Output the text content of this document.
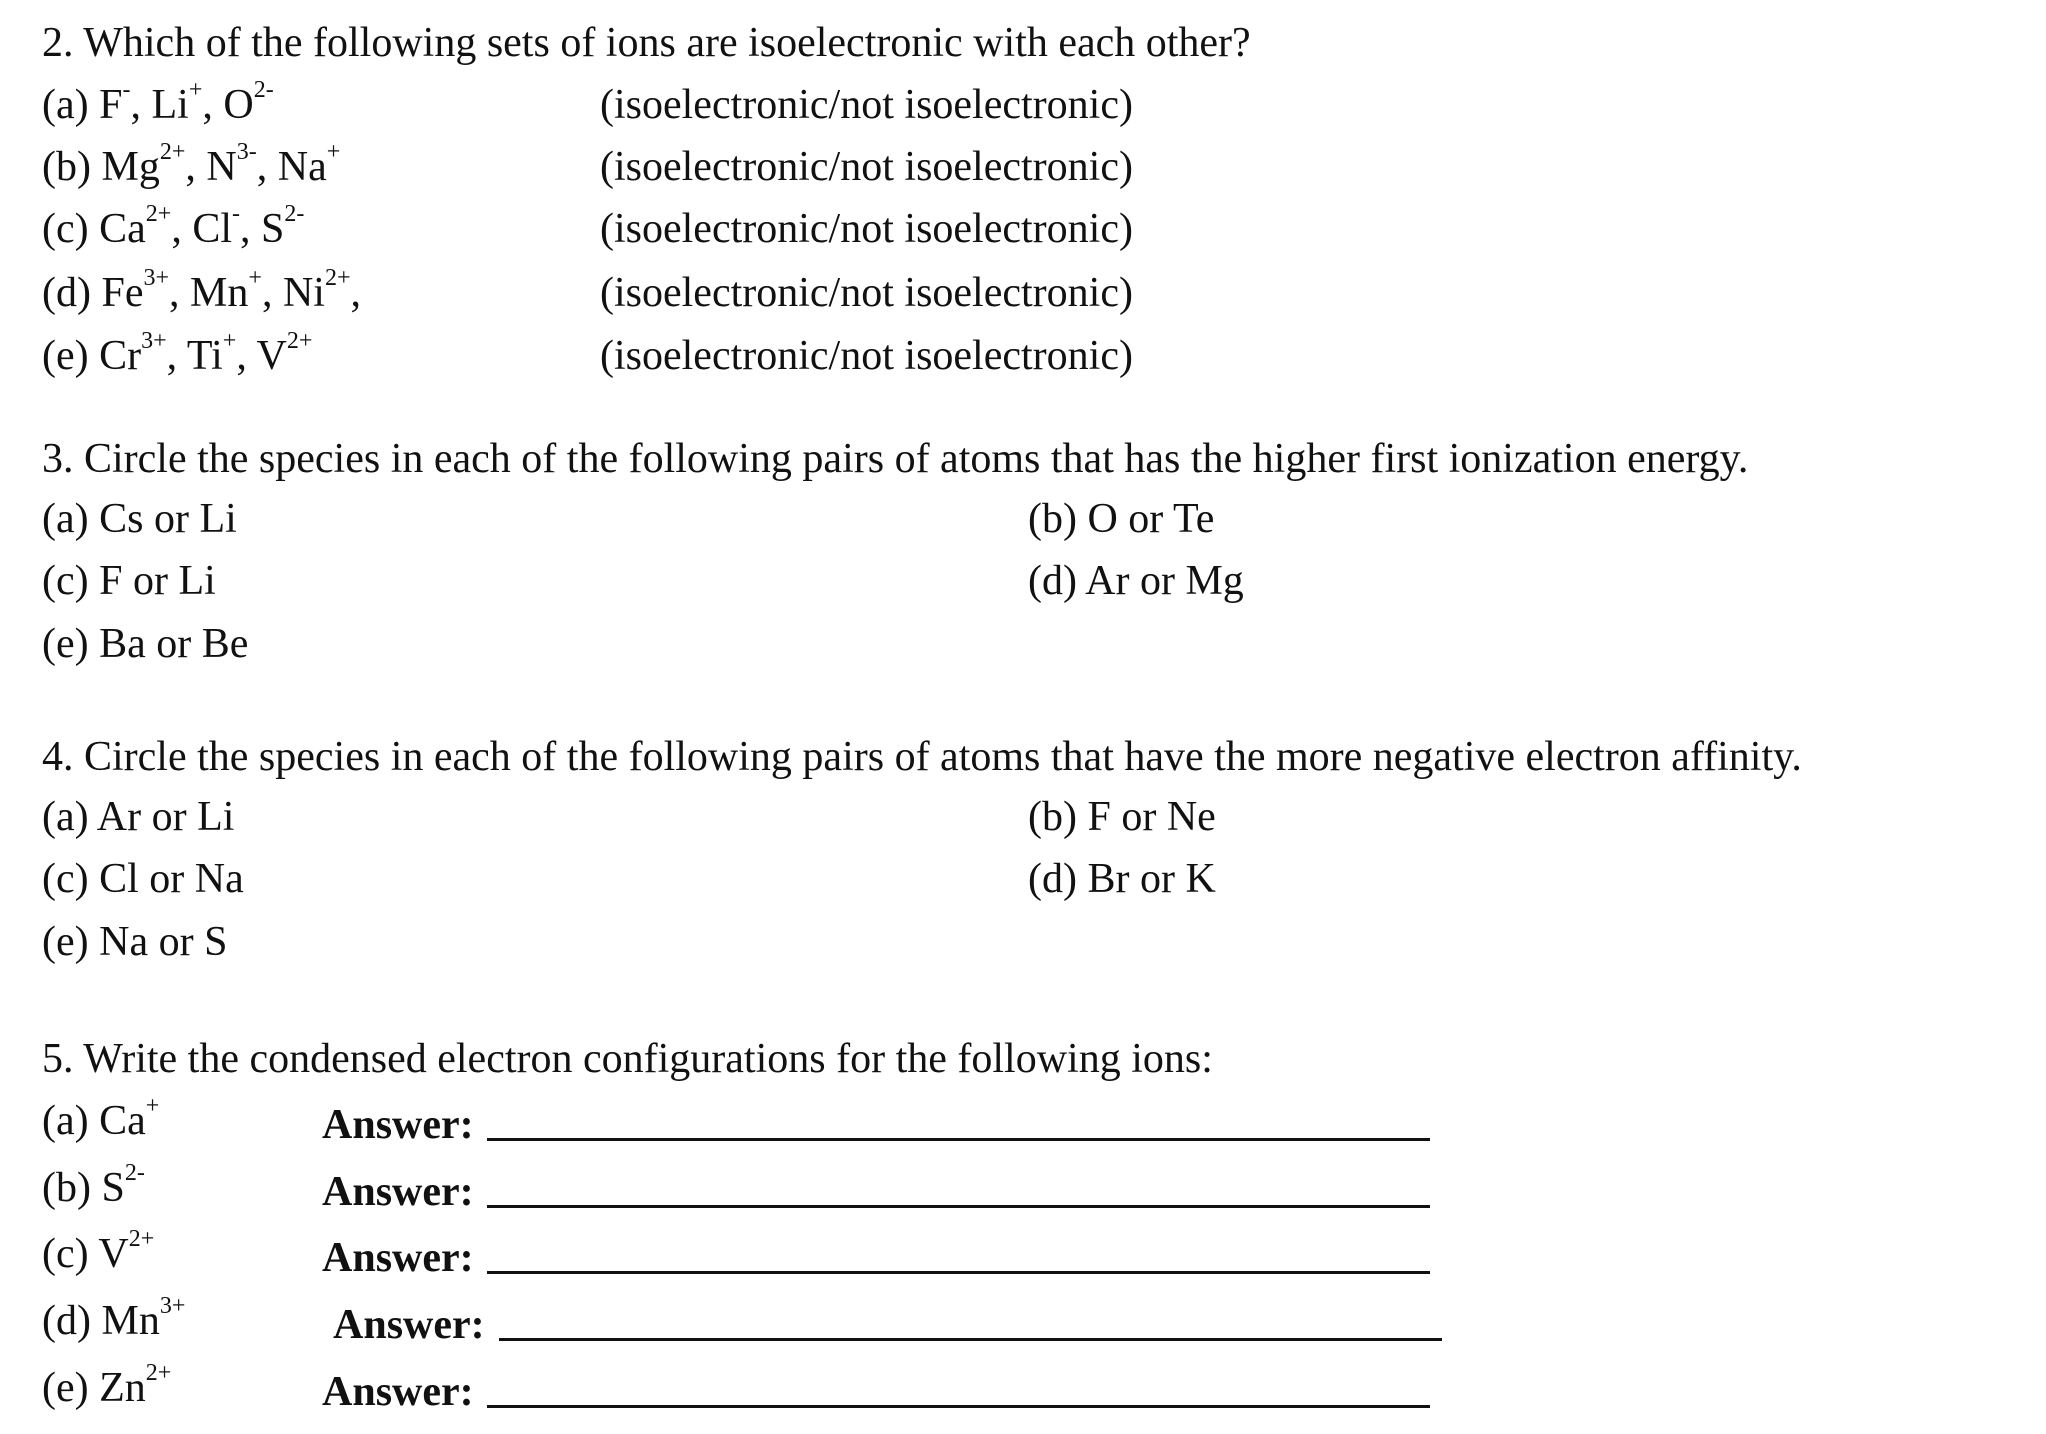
2. Which of the following sets of ions are isoelectronic with each other?
(a) F-, Li+, $O^{2-}$	(isoelectronic/not isoelectronic)
(b) $Mg^{2+}$, $N^{3-}$, Na+	(isoelectronic/not isoelectronic)
(c) $Ca^{2+}$, Cl-, $S^{2-}$	(isoelectronic/not isoelectronic)
(d) $Fe^{3+}$, Mn+, $Ni^{2+}$,	(isoelectronic/not isoelectronic)
(e) $Cr^{3+}$, Ti+, $V^{2+}$	(isoelectronic/not isoelectronic)
3. Circle the species in each of the following pairs of atoms that has the higher first ionization energy.
(a) Cs or Li	(b) O or Te
(c) F or Li	(d) Ar or Mg
(e) Ba or Be
4. Circle the species in each of the following pairs of atoms that have the more negative electron affinity.
(a) Ar or Li	(b) F or Ne
(c) Cl or Na	(d) Br or K
(e) Na or S
5. Write the condensed electron configurations for the following ions:
(a) Ca+	Answer:
(b) $S^{2-}$	Answer:
(c) $V^{2+}$	Answer:
(d) $Mn^{3+}$	Answer:
(e) $Zn^{2+}$	Answer:
